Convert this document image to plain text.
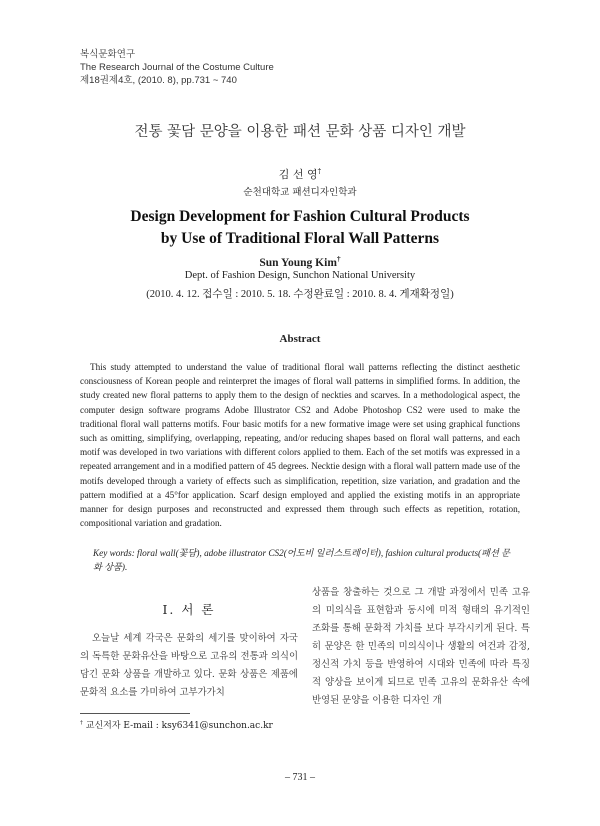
복식문화연구
The Research Journal of the Costume Culture
제18권제4호, (2010. 8), pp.731 ~ 740
전통 꽃담 문양을 이용한 패션 문화 상품 디자인 개발
김 선 영†
순천대학교 패션디자인학과
Design Development for Fashion Cultural Products
by Use of Traditional Floral Wall Patterns
Sun Young Kim†
Dept. of Fashion Design, Sunchon National University
(2010. 4. 12. 접수일 : 2010. 5. 18. 수정완료일 : 2010. 8. 4. 게재확정일)
Abstract
This study attempted to understand the value of traditional floral wall patterns reflecting the distinct aesthetic consciousness of Korean people and reinterpret the images of floral wall patterns in simplified forms. In addition, the study created new floral patterns to apply them to the design of neckties and scarves. In a methodological aspect, the computer design software programs Adobe Illustrator CS2 and Adobe Photoshop CS2 were used to make the traditional floral wall patterns motifs. Four basic motifs for a new formative image were set using graphical functions such as omitting, simplifying, overlapping, repeating, and/or reducing shapes based on floral wall patterns, and each motif was developed in two variations with different colors applied to them. Each of the set motifs was expressed in a repeated arrangement and in a modified pattern of 45 degrees. Necktie design with a floral wall pattern made use of the motifs developed through a variety of effects such as simplification, repetition, size variation, and gradation and the pattern modified at a 45°for application. Scarf design employed and applied the existing motifs in an appropriate manner for design purposes and reconstructed and expressed them through such effects as repetition, rotation, compositional variation and gradation.
Key words: floral wall(꽃담), adobe illustrator CS2(어도비 일러스트레이터), fashion cultural products(패션 문화 상품).
Ⅰ. 서 론
오늘날 세계 각국은 문화의 세기를 맞이하여 자국의 독특한 문화유산을 바탕으로 고유의 전통과 의식이 담긴 문화 상품을 개발하고 있다. 문화 상품은 제품에 문화적 요소를 가미하여 고부가가치
상품을 창출하는 것으로 그 개발 과정에서 민족 고유의 미의식을 표현함과 동시에 미적 형태의 유기적인 조화를 통해 문화적 가치를 보다 부각시키게 된다. 특히 문양은 한 민족의 미의식이나 생활의 여건과 감정, 정신적 가치 등을 반영하여 시대와 민족에 따라 특징적 양상을 보이게 되므로 민족 고유의 문화유산 속에 반영된 문양을 이용한 디자인 개
† 교신저자 E-mail : ksy6341@sunchon.ac.kr
– 731 –
